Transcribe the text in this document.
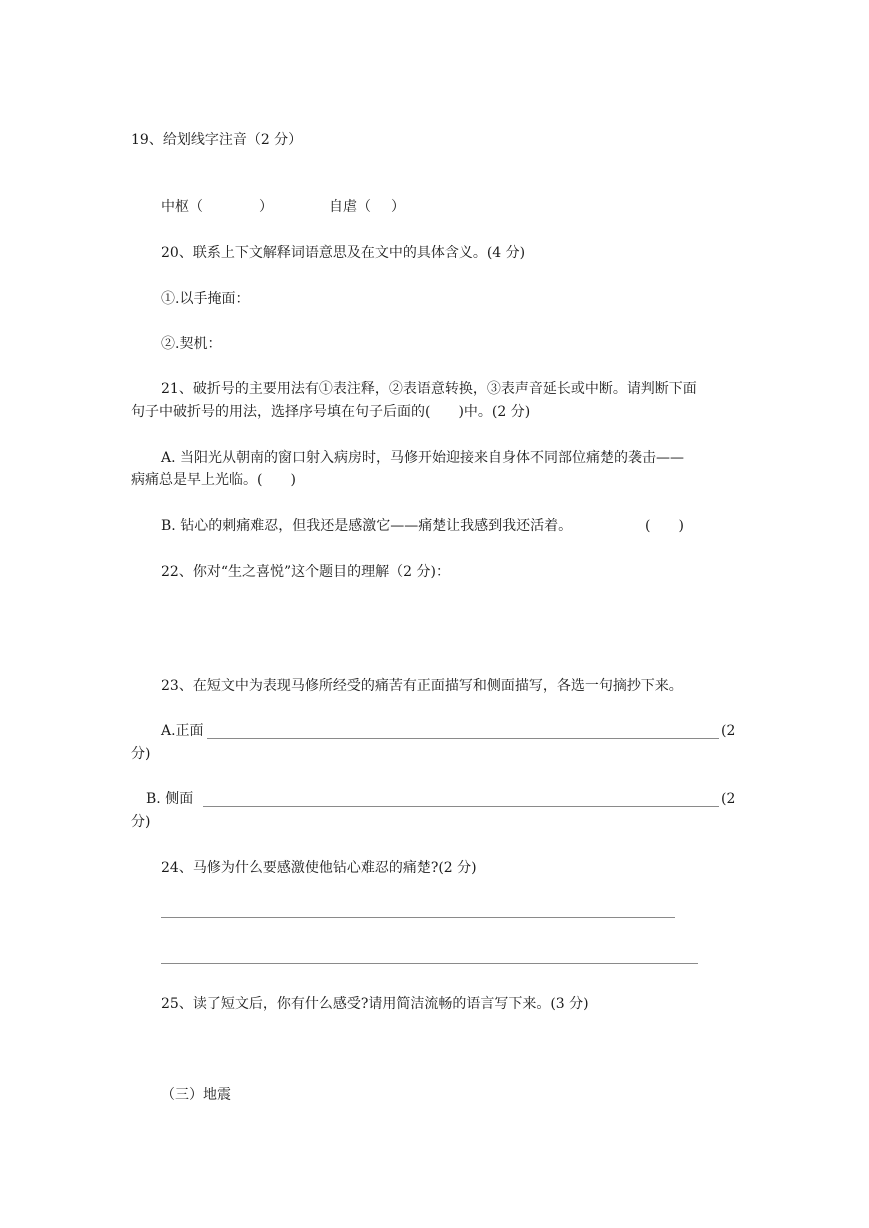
19、给划线字注音（2 分）
中枢（	）	自虐（ ）
20、联系上下文解释词语意思及在文中的具体含义。(4 分)
①.以手掩面：
②.契机：
21、破折号的主要用法有①表注释，②表语意转换，③表声音延长或中断。请判断下面
句子中破折号的用法，选择序号填在句子后面的(　　)中。(2 分)
A. 当阳光从朝南的窗口射入病房时，马修开始迎接来自身体不同部位痛楚的袭击——
病痛总是早上光临。(　　)
B. 钻心的刺痛难忍，但我还是感激它——痛楚让我感到我还活着。	(　　)
22、你对“生之喜悦”这个题目的理解（2 分)：
23、在短文中为表现马修所经受的痛苦有正面描写和侧面描写，各选一句摘抄下来。
A.正面	(2
分)
B. 侧面	(2
分)
24、马修为什么要感激使他钻心难忍的痛楚?(2 分)
25、读了短文后，你有什么感受?请用简洁流畅的语言写下来。(3 分)
（三）地震
